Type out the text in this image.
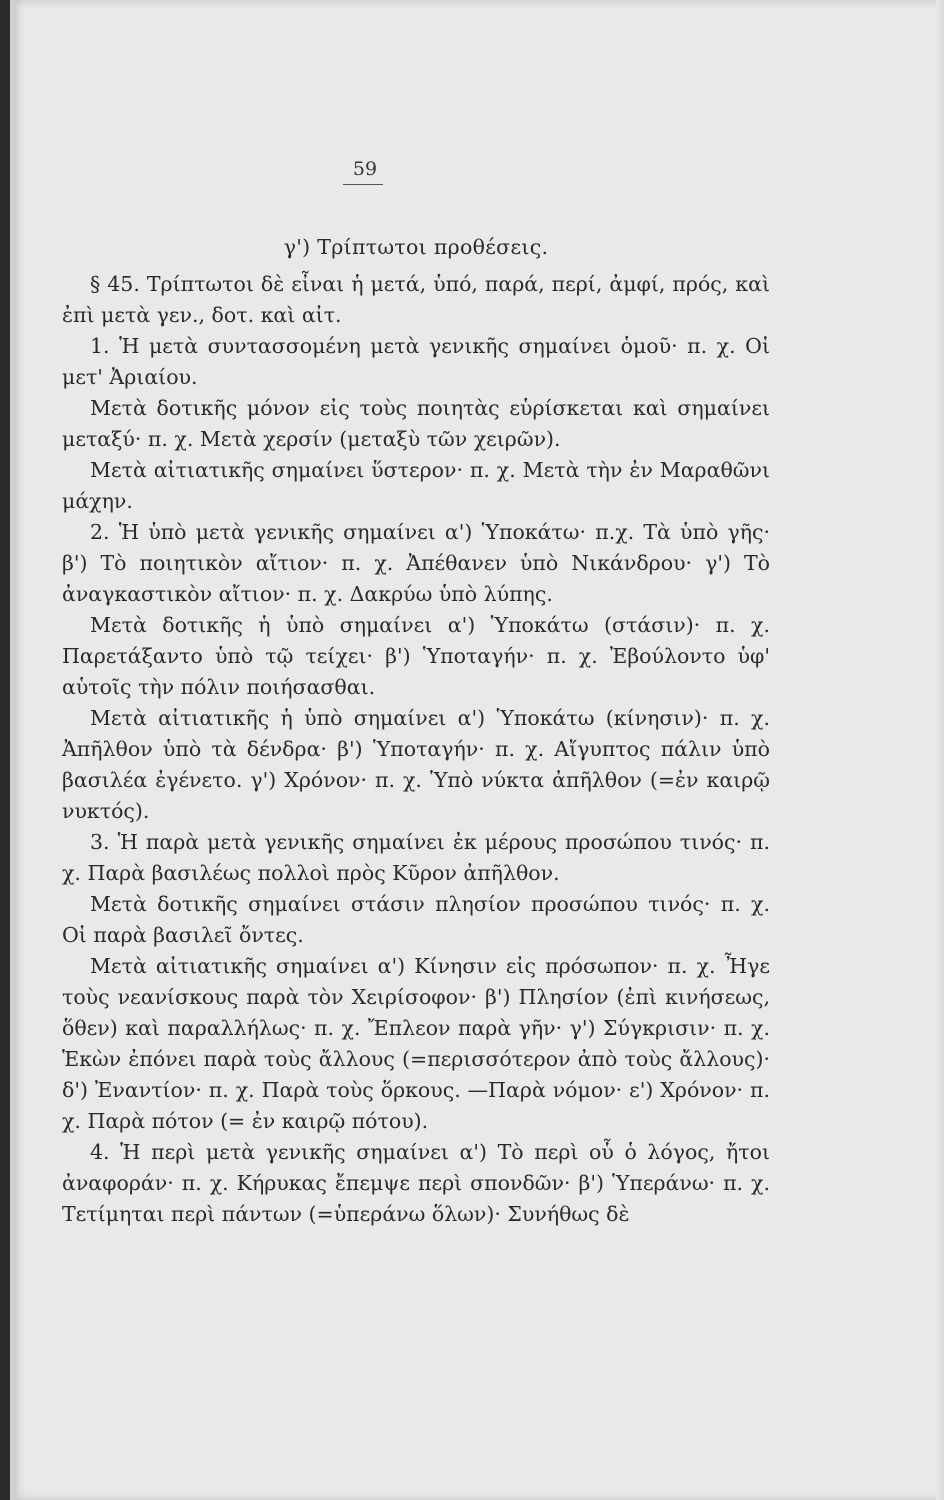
59
γ') Τρίπτωτοι προθέσεις.

§ 45. Τρίπτωτοι δὲ εἶναι ἡ μετά, ὑπό, παρά, περί, ἀμφί, πρός, καὶ ἐπὶ μετὰ γεν., δοτ. καὶ αἰτ.

1. Ἡ μετὰ συντασσομένη μετὰ γενικῆς σημαίνει ὁμοῦ· π. χ. Οἱ μετ' Ἀριαίου.

Μετὰ δοτικῆς μόνον εἰς τοὺς ποιητὰς εὑρίσκεται καὶ σημαίνει μεταξύ· π. χ. Μετὰ χερσίν (μεταξὺ τῶν χειρῶν).

Μετὰ αἰτιατικῆς σημαίνει ὕστερον· π. χ. Μετὰ τὴν ἐν Μαραθῶνι μάχην.

2. Ἡ ὑπὸ μετὰ γενικῆς σημαίνει α') Ὑποκάτω· π.χ. Τὰ ὑπὸ γῆς· β') Τὸ ποιητικὸν αἴτιον· π. χ. Ἀπέθανεν ὑπὸ Νικάνδρου· γ') Τὸ ἀναγκαστικὸν αἴτιον· π. χ. Δακρύω ὑπὸ λύπης.

Μετὰ δοτικῆς ἡ ὑπὸ σημαίνει α') Ὑποκάτω (στάσιν)· π. χ. Παρετάξαντο ὑπὸ τῷ τείχει· β') Ὑποταγήν· π. χ. Ἐβούλοντο ὑφ' αὑτοῖς τὴν πόλιν ποιήσασθαι.

Μετὰ αἰτιατικῆς ἡ ὑπὸ σημαίνει α') Ὑποκάτω (κίνησιν)· π. χ. Ἀπῆλθον ὑπὸ τὰ δένδρα· β') Ὑποταγήν· π. χ. Αἴγυπτος πάλιν ὑπὸ βασιλέα ἐγένετο. γ') Χρόνον· π. χ. Ὑπὸ νύκτα ἀπῆλθον (=ἐν καιρῷ νυκτός).

3. Ἡ παρὰ μετὰ γενικῆς σημαίνει ἐκ μέρους προσώπου τινός· π. χ. Παρὰ βασιλέως πολλοὶ πρὸς Κῦρον ἀπῆλθον.

Μετὰ δοτικῆς σημαίνει στάσιν πλησίον προσώπου τινός· π. χ. Οἱ παρὰ βασιλεῖ ὄντες.

Μετὰ αἰτιατικῆς σημαίνει α') Κίνησιν εἰς πρόσωπον· π. χ. Ἦγε τοὺς νεανίσκους παρὰ τὸν Χειρίσοφον· β') Πλησίον (ἐπὶ κινήσεως, ὅθεν) καὶ παραλλήλως· π. χ. Ἔπλεον παρὰ γῆν· γ') Σύγκρισιν· π. χ. Ἑκὼν ἐπόνει παρὰ τοὺς ἄλλους (=περισσότερον ἀπὸ τοὺς ἄλλους)· δ') Ἐναντίον· π. χ. Παρὰ τοὺς ὅρκους. —Παρὰ νόμον· ε') Χρόνον· π. χ. Παρὰ πότον (= ἐν καιρῷ πότου).

4. Ἡ περὶ μετὰ γενικῆς σημαίνει α') Τὸ περὶ οὗ ὁ λόγος, ἤτοι ἀναφοράν· π. χ. Κήρυκας ἔπεμψε περὶ σπονδῶν· β') Ὑπεράνω· π. χ. Τετίμηται περὶ πάντων (=ὑπεράνω ὅλων)· Συνήθως δὲ
